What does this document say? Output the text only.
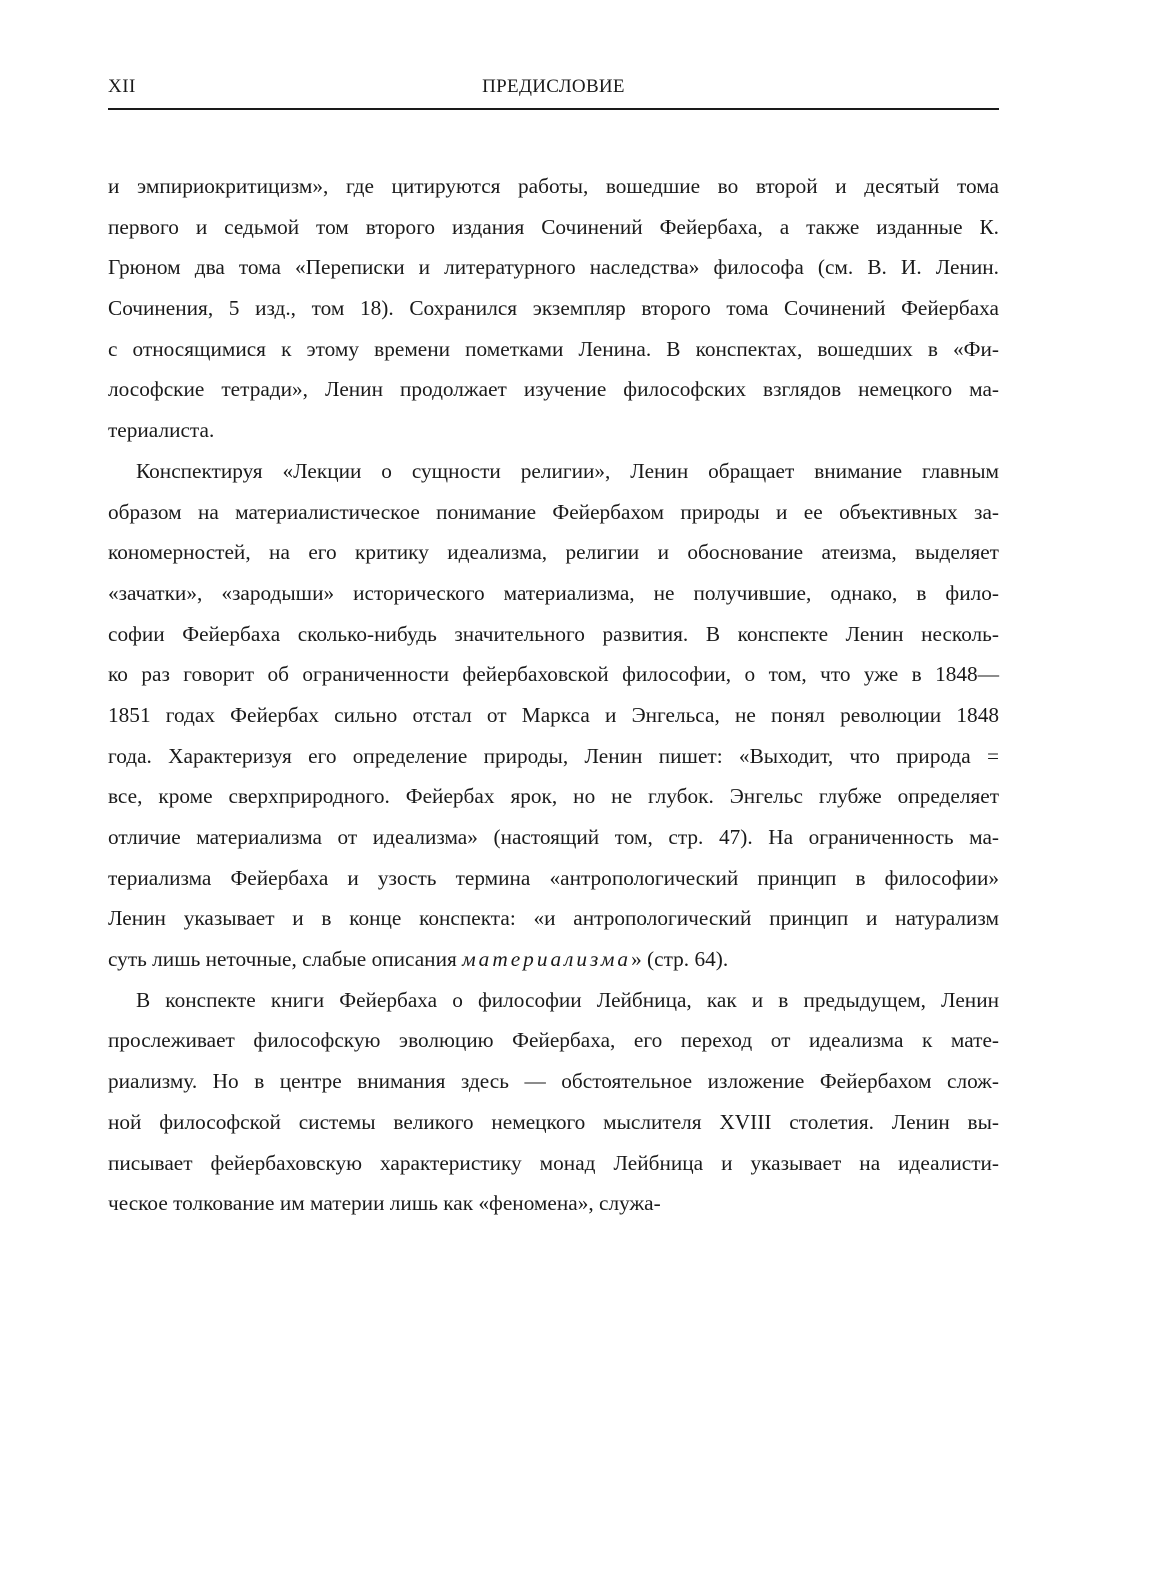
XII	ПРЕДИСЛОВИЕ
и эмпириокритицизм», где цитируются работы, вошедшие во второй и десятый тома
первого и седьмой том второго издания Сочинений Фейербаха, а также изданные К.
Грюном два тома «Переписки и литературного наследства» философа (см. В. И. Ленин.
Сочинения, 5 изд., том 18). Сохранился экземпляр второго тома Сочинений Фейербаха
с относящимися к этому времени пометками Ленина. В конспектах, вошедших в «Фи-
лософские тетради», Ленин продолжает изучение философских взглядов немецкого ма-
териалиста.
Конспектируя «Лекции о сущности религии», Ленин обращает внимание главным
образом на материалистическое понимание Фейербахом природы и ее объективных за-
кономерностей, на его критику идеализма, религии и обоснование атеизма, выделяет
«зачатки», «зародыши» исторического материализма, не получившие, однако, в фило-
софии Фейербаха сколько-нибудь значительного развития. В конспекте Ленин несколь-
ко раз говорит об ограниченности фейербаховской философии, о том, что уже в 1848—
1851 годах Фейербах сильно отстал от Маркса и Энгельса, не понял революции 1848
года. Характеризуя его определение природы, Ленин пишет: «Выходит, что природа =
все, кроме сверхприродного. Фейербах ярок, но не глубок. Энгельс глубже определяет
отличие материализма от идеализма» (настоящий том, стр. 47). На ограниченность ма-
териализма Фейербаха и узость термина «антропологический принцип в философии»
Ленин указывает и в конце конспекта: «и антропологический принцип и натурализм
суть лишь неточные, слабые описания материализма» (стр. 64).
В конспекте книги Фейербаха о философии Лейбница, как и в предыдущем, Ленин
прослеживает философскую эволюцию Фейербаха, его переход от идеализма к мате-
риализму. Но в центре внимания здесь — обстоятельное изложение Фейербахом слож-
ной философской системы великого немецкого мыслителя XVIII столетия. Ленин вы-
писывает фейербаховскую характеристику монад Лейбница и указывает на идеалисти-
ческое толкование им материи лишь как «феномена», служа-
